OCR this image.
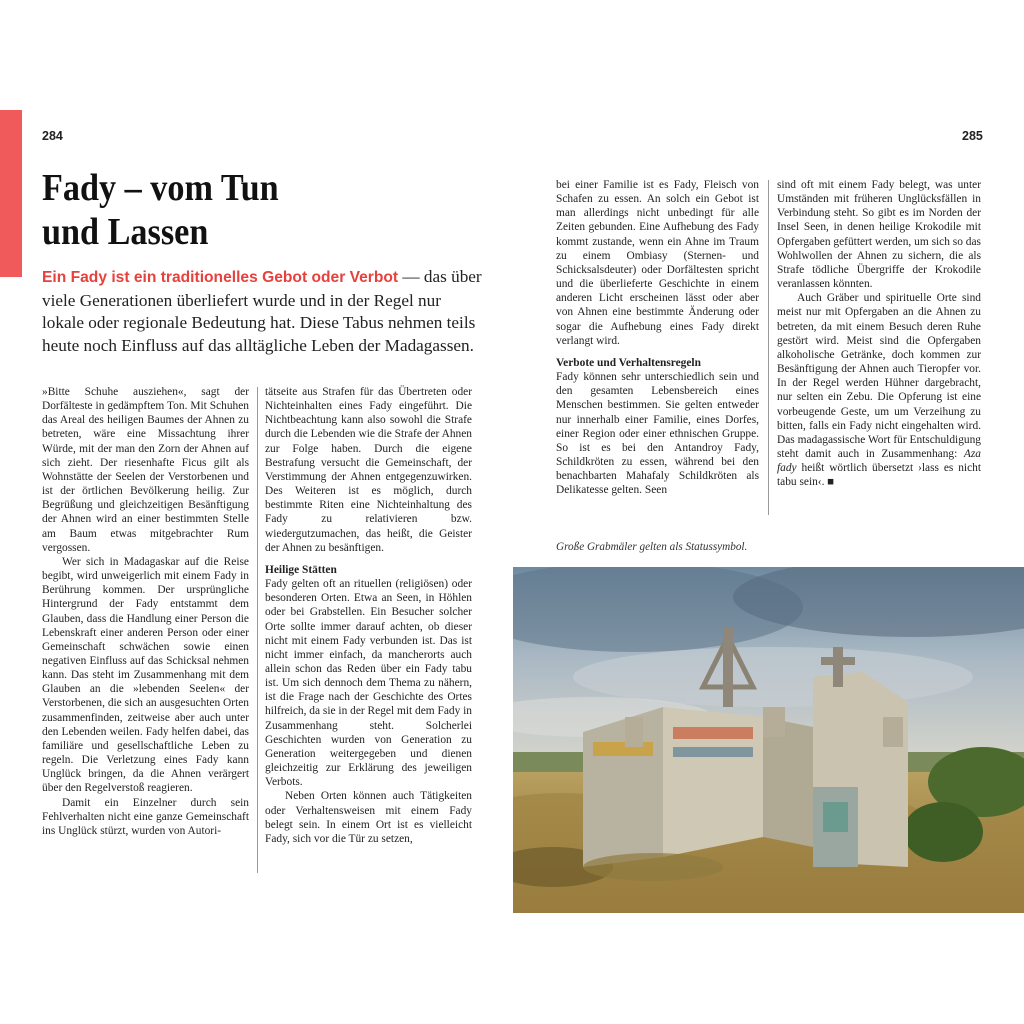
284	285
Fady – vom Tun
und Lassen
Ein Fady ist ein traditionelles Gebot oder Verbot — das über viele Generationen überliefert wurde und in der Regel nur lokale oder regionale Bedeutung hat. Diese Tabus nehmen teils heute noch Einfluss auf das alltägliche Leben der Madagassen.

»Bitte Schuhe ausziehen«, sagt der Dorfälteste in gedämpftem Ton. Mit Schuhen das Areal des heiligen Baumes der Ahnen zu betreten, wäre eine Missachtung ihrer Würde, mit der man den Zorn der Ahnen auf sich zieht. Der riesenhafte Ficus gilt als Wohnstätte der Seelen der Verstorbenen und ist der örtlichen Bevölkerung heilig. Zur Begrüßung und gleichzeitigen Besänftigung der Ahnen wird an einer bestimmten Stelle am Baum etwas mitgebrachter Rum vergossen.

Wer sich in Madagaskar auf die Reise begibt, wird unweigerlich mit einem Fady in Berührung kommen. Der ursprüngliche Hintergrund der Fady entstammt dem Glauben, dass die Handlung einer Person die Lebenskraft einer anderen Person oder einer Gemeinschaft schwächen sowie einen negativen Einfluss auf das Schicksal nehmen kann. Das steht im Zusammenhang mit dem Glauben an die »lebenden Seelen« der Verstorbenen, die sich an ausgesuchten Orten zusammenfinden, zeitweise aber auch unter den Lebenden weilen. Fady helfen dabei, das familiäre und gesellschaftliche Leben zu regeln. Die Verletzung eines Fady kann Unglück bringen, da die Ahnen verärgert über den Regelverstoß reagieren.

Damit ein Einzelner durch sein Fehlverhalten nicht eine ganze Gemeinschaft ins Unglück stürzt, wurden von Autori-

tätseite aus Strafen für das Übertreten oder Nichteinhalten eines Fady eingeführt. Die Nichtbeachtung kann also sowohl die Strafe durch die Lebenden wie die Strafe der Ahnen zur Folge haben. Durch die eigene Bestrafung versucht die Gemeinschaft, der Verstimmung der Ahnen entgegenzuwirken. Des Weiteren ist es möglich, durch bestimmte Riten eine Nichteinhaltung des Fady zu relativieren bzw. wiedergutzumachen, das heißt, die Geister der Ahnen zu besänftigen.

Heilige Stätten

Fady gelten oft an rituellen (religiösen) oder besonderen Orten. Etwa an Seen, in Höhlen oder bei Grabstellen. Ein Besucher solcher Orte sollte immer darauf achten, ob dieser nicht mit einem Fady verbunden ist. Das ist nicht immer einfach, da mancherorts auch allein schon das Reden über ein Fady tabu ist. Um sich dennoch dem Thema zu nähern, ist die Frage nach der Geschichte des Ortes hilfreich, da sie in der Regel mit dem Fady in Zusammenhang steht. Solcherlei Geschichten wurden von Generation zu Generation weitergegeben und dienen gleichzeitig zur Erklärung des jeweiligen Verbots.

Neben Orten können auch Tätigkeiten oder Verhaltensweisen mit einem Fady belegt sein. In einem Ort ist es vielleicht Fady, sich vor die Tür zu setzen,

bei einer Familie ist es Fady, Fleisch von Schafen zu essen. An solch ein Gebot ist man allerdings nicht unbedingt für alle Zeiten gebunden. Eine Aufhebung des Fady kommt zustande, wenn ein Ahne im Traum zu einem Ombiasy (Sternen- und Schicksalsdeuter) oder Dorfältesten spricht und die überlieferte Geschichte in einem anderen Licht erscheinen lässt oder aber von Ahnen eine bestimmte Änderung oder sogar die Aufhebung eines Fady direkt verlangt wird.

Verbote und Verhaltensregeln

Fady können sehr unterschiedlich sein und den gesamten Lebensbereich eines Menschen bestimmen. Sie gelten entweder nur innerhalb einer Familie, eines Dorfes, einer Region oder einer ethnischen Gruppe. So ist es bei den Antandroy Fady, Schildkröten zu essen, während bei den benachbarten Mahafaly Schildkröten als Delikatesse gelten. Seen

sind oft mit einem Fady belegt, was unter Umständen mit früheren Unglücksfällen in Verbindung steht. So gibt es im Norden der Insel Seen, in denen heilige Krokodile mit Opfergaben gefüttert werden, um sich so das Wohlwollen der Ahnen zu sichern, die als Strafe tödliche Übergriffe der Krokodile veranlassen könnten.

Auch Gräber und spirituelle Orte sind meist nur mit Opfergaben an die Ahnen zu betreten, da mit einem Besuch deren Ruhe gestört wird. Meist sind die Opfergaben alkoholische Getränke, doch kommen zur Besänftigung der Ahnen auch Tieropfer vor. In der Regel werden Hühner dargebracht, nur selten ein Zebu. Die Opferung ist eine vorbeugende Geste, um um Verzeihung zu bitten, falls ein Fady nicht eingehalten wird. Das madagassische Wort für Entschuldigung steht damit auch in Zusammenhang: Aza fady heißt wörtlich übersetzt ›lass es nicht tabu sein‹. ■

Große Grabmäler gelten als Statussymbol.
